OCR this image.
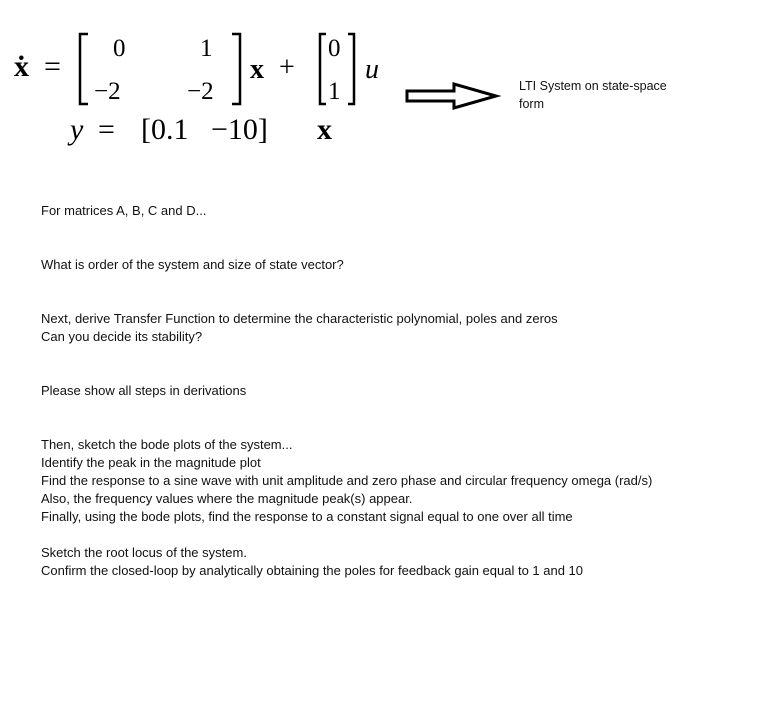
ẋ =
0	1
−2	−2
x +
0
1
u
y = [0.1   −10] x
LTI System on state-space form
For matrices A, B, C and D...
What is order of the system and size of state vector?
Next, derive Transfer Function to determine the characteristic polynomial, poles and zeros
Can you decide its stability?
Please show all steps in derivations
Then, sketch the bode plots of the system...
Identify the peak in the magnitude plot
Find the response to a sine wave with unit amplitude and zero phase and circular frequency omega (rad/s)
Also, the frequency values where the magnitude peak(s) appear.
Finally, using the bode plots, find the response to a constant signal equal to one over all time
Sketch the root locus of the system.
Confirm the closed-loop by analytically obtaining the poles for feedback gain equal to 1 and 10
